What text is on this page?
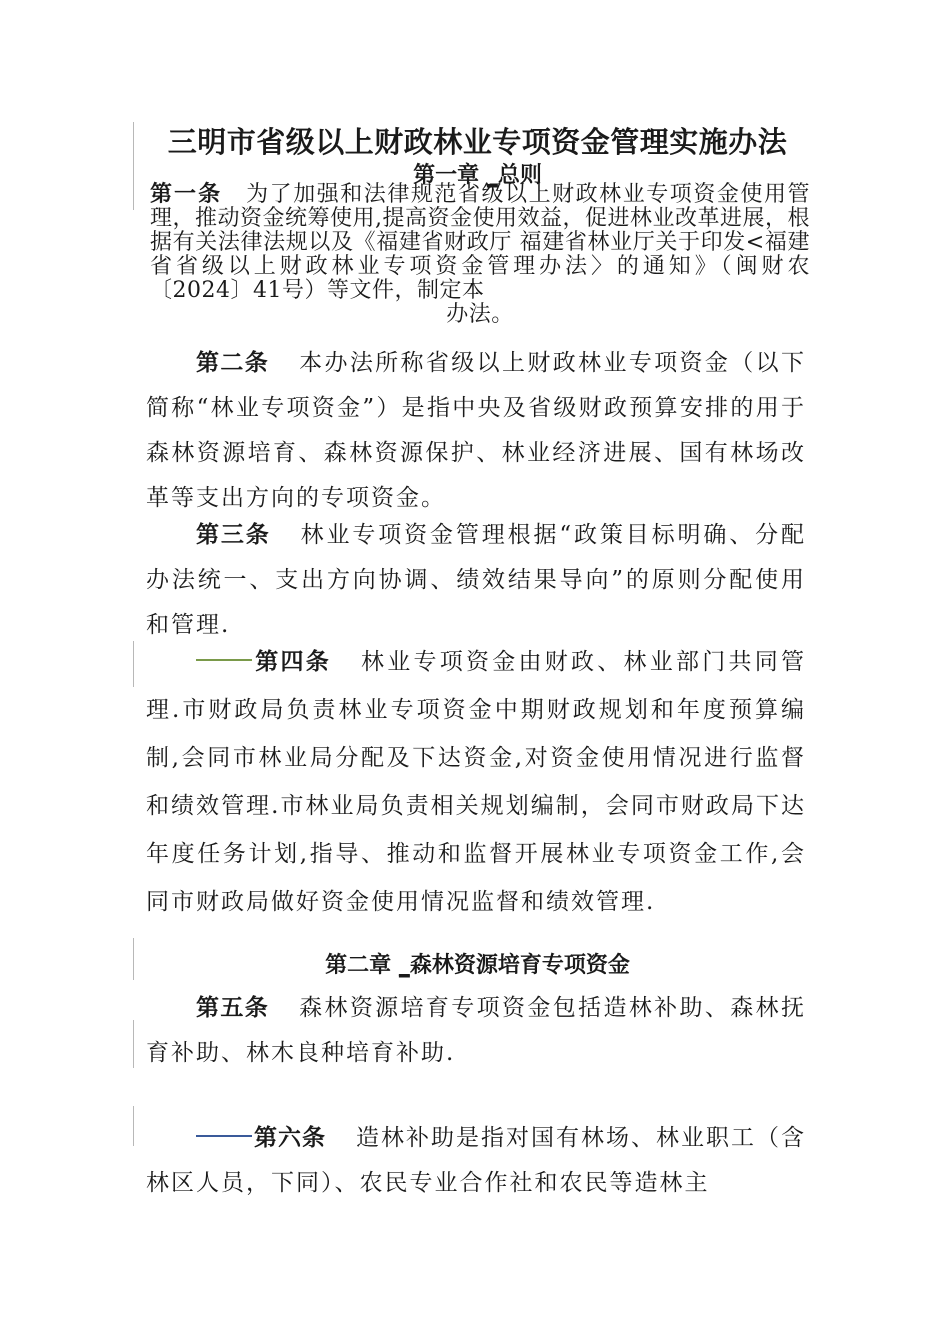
三明市省级以上财政林业专项资金管理实施办法
第一章 _总则
第一条 为了加强和法律规范省级以上财政林业专项资金使用管理，推动资金统筹使用,提高资金使用效益，促进林业改革进展，根据有关法律法规以及《福建省财政厅 福建省林业厅关于印发<福建省省级以上财政林业专项资金管理办法〉的通知》（闽财农〔2024〕41号）等文件，制定本
办法。
第二条 本办法所称省级以上财政林业专项资金（以下简称“林业专项资金”）是指中央及省级财政预算安排的用于森林资源培育、森林资源保护、林业经济进展、国有林场改革等支出方向的专项资金。
第三条 林业专项资金管理根据“政策目标明确、分配办法统一、支出方向协调、绩效结果导向”的原则分配使用和管理.
第四条 林业专项资金由财政、林业部门共同管理.市财政局负责林业专项资金中期财政规划和年度预算编制,会同市林业局分配及下达资金,对资金使用情况进行监督和绩效管理.市林业局负责相关规划编制，会同市财政局下达年度任务计划,指导、推动和监督开展林业专项资金工作,会同市财政局做好资金使用情况监督和绩效管理.
第二章 _森林资源培育专项资金
第五条 森林资源培育专项资金包括造林补助、森林抚育补助、林木良种培育补助.
第六条 造林补助是指对国有林场、林业职工（含林区人员，下同）、农民专业合作社和农民等造林主
